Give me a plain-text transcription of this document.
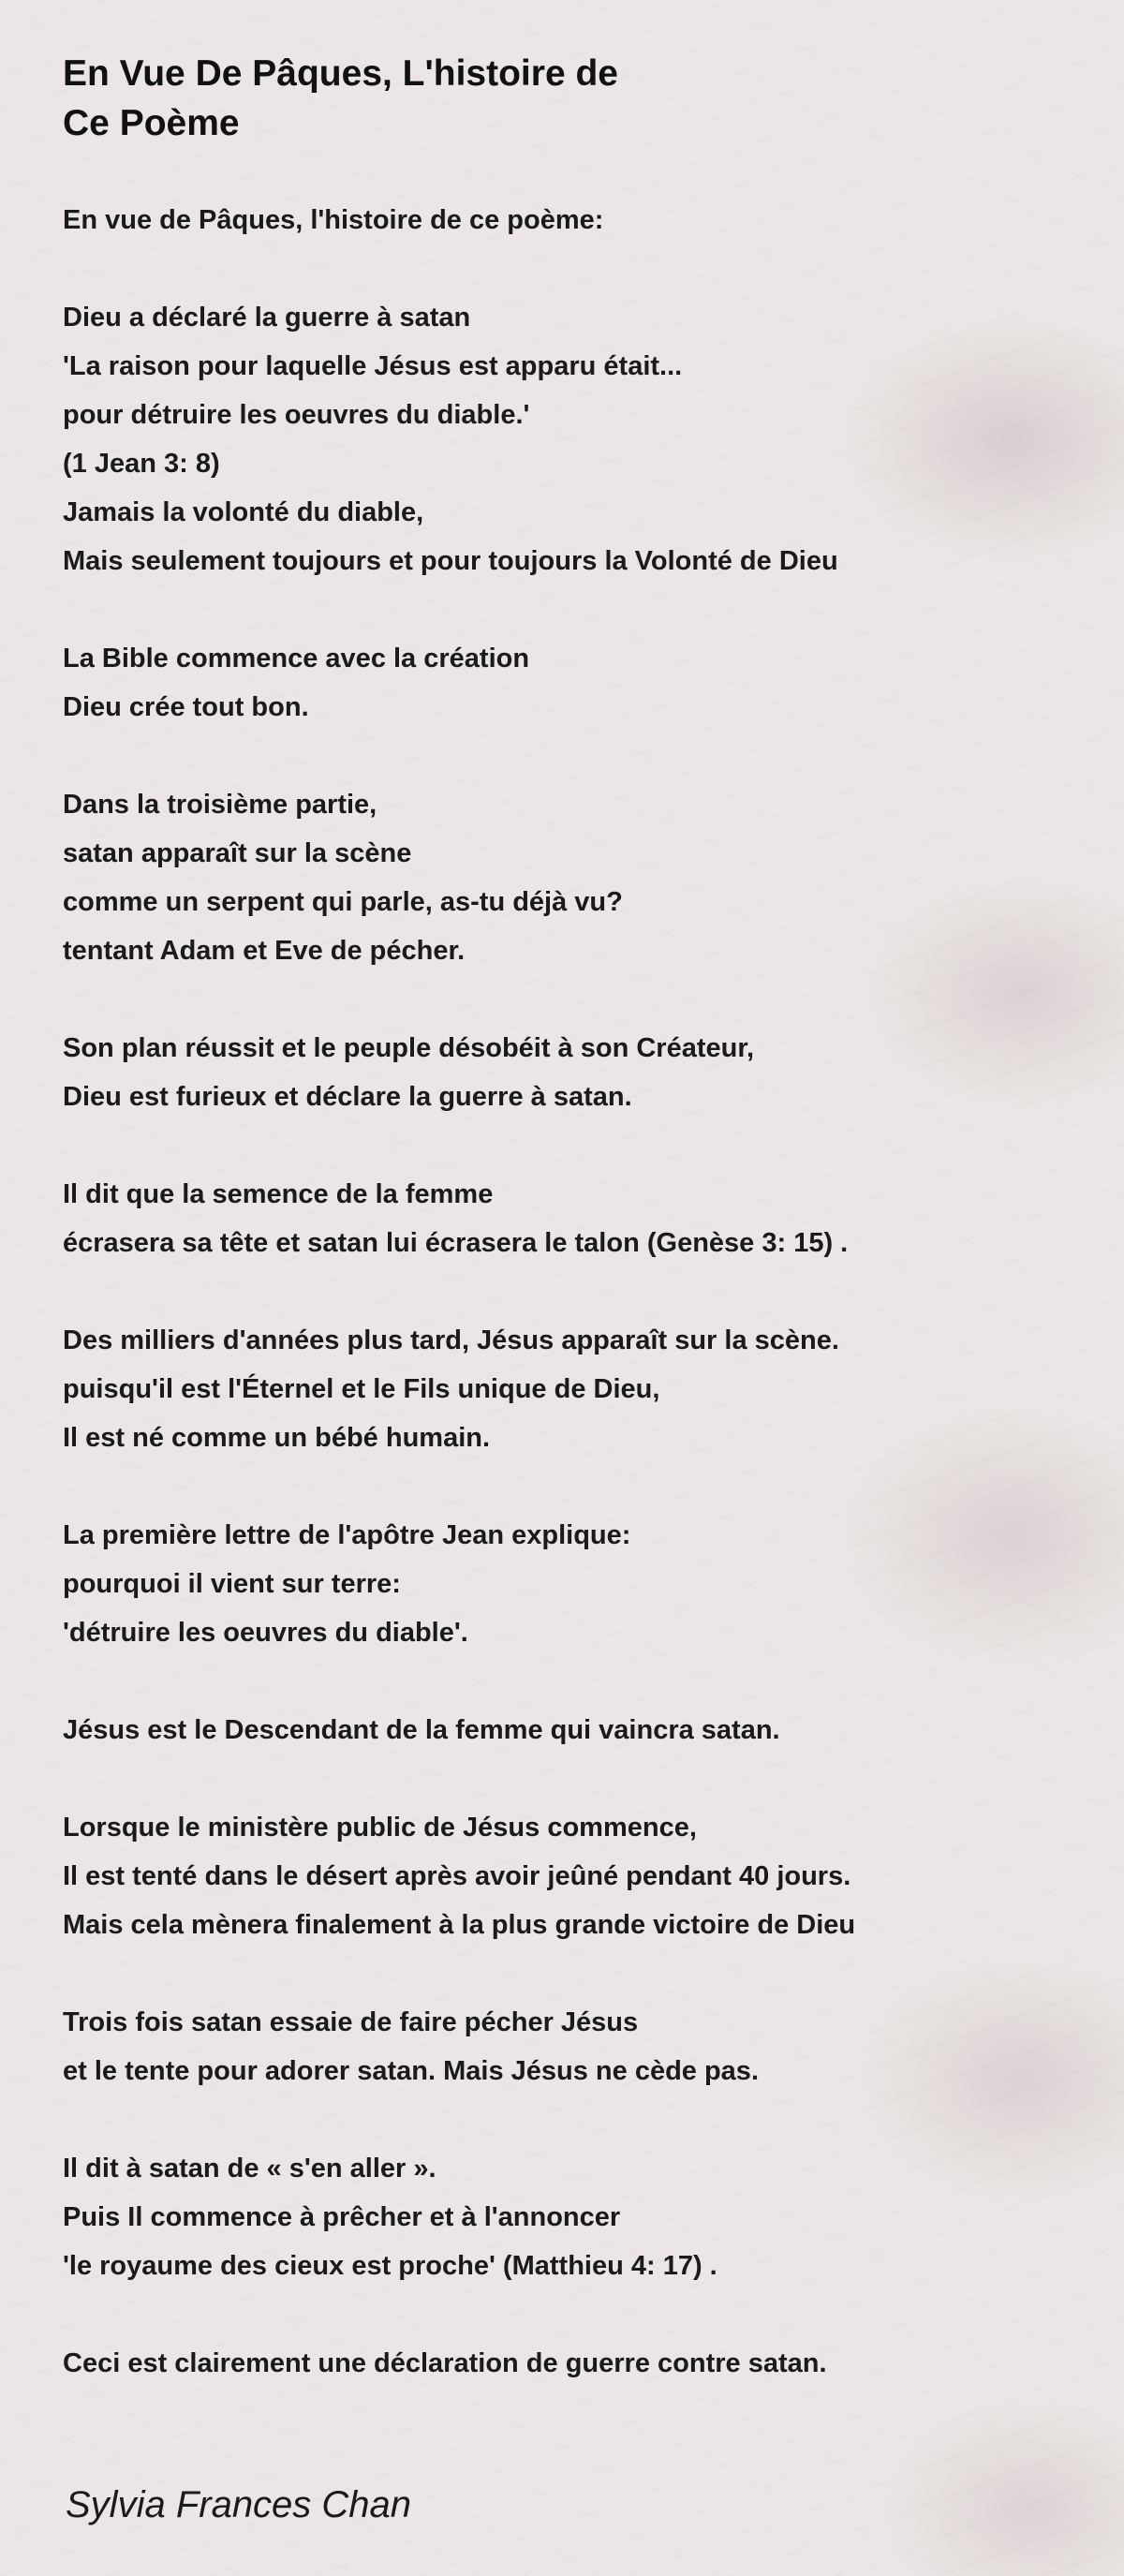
En Vue De Pâques, L'histoire de Ce Poème
En vue de Pâques, l'histoire de ce poème:
Dieu a déclaré la guerre à satan
'La raison pour laquelle Jésus est apparu était...
pour détruire les oeuvres du diable.'
(1 Jean 3: 8)
Jamais la volonté du diable,
Mais seulement toujours et pour toujours la Volonté de Dieu
La Bible commence avec la création
Dieu crée tout bon.
Dans la troisième partie,
satan apparaît sur la scène
comme un serpent qui parle, as-tu déjà vu?
tentant Adam et Eve de pécher.
Son plan réussit et le peuple désobéit à son Créateur,
Dieu est furieux et déclare la guerre à satan.
Il dit que la semence de la femme
écrasera sa tête et satan lui écrasera le talon (Genèse 3: 15) .
Des milliers d'années plus tard, Jésus apparaît sur la scène.
puisqu'il est l'Éternel et le Fils unique de Dieu,
Il est né comme un bébé humain.
La première lettre de l'apôtre Jean explique:
pourquoi il vient sur terre:
'détruire les oeuvres du diable'.
Jésus est le Descendant de la femme qui vaincra satan.
Lorsque le ministère public de Jésus commence,
Il est tenté dans le désert après avoir jeûné pendant 40 jours.
Mais cela mènera finalement à la plus grande victoire de Dieu
Trois fois satan essaie de faire pécher Jésus
et le tente pour adorer satan. Mais Jésus ne cède pas.
Il dit à satan de « s'en aller ».
Puis Il commence à prêcher et à l'annoncer
'le royaume des cieux est proche' (Matthieu 4: 17) .
Ceci est clairement une déclaration de guerre contre satan.
Sylvia Frances Chan
